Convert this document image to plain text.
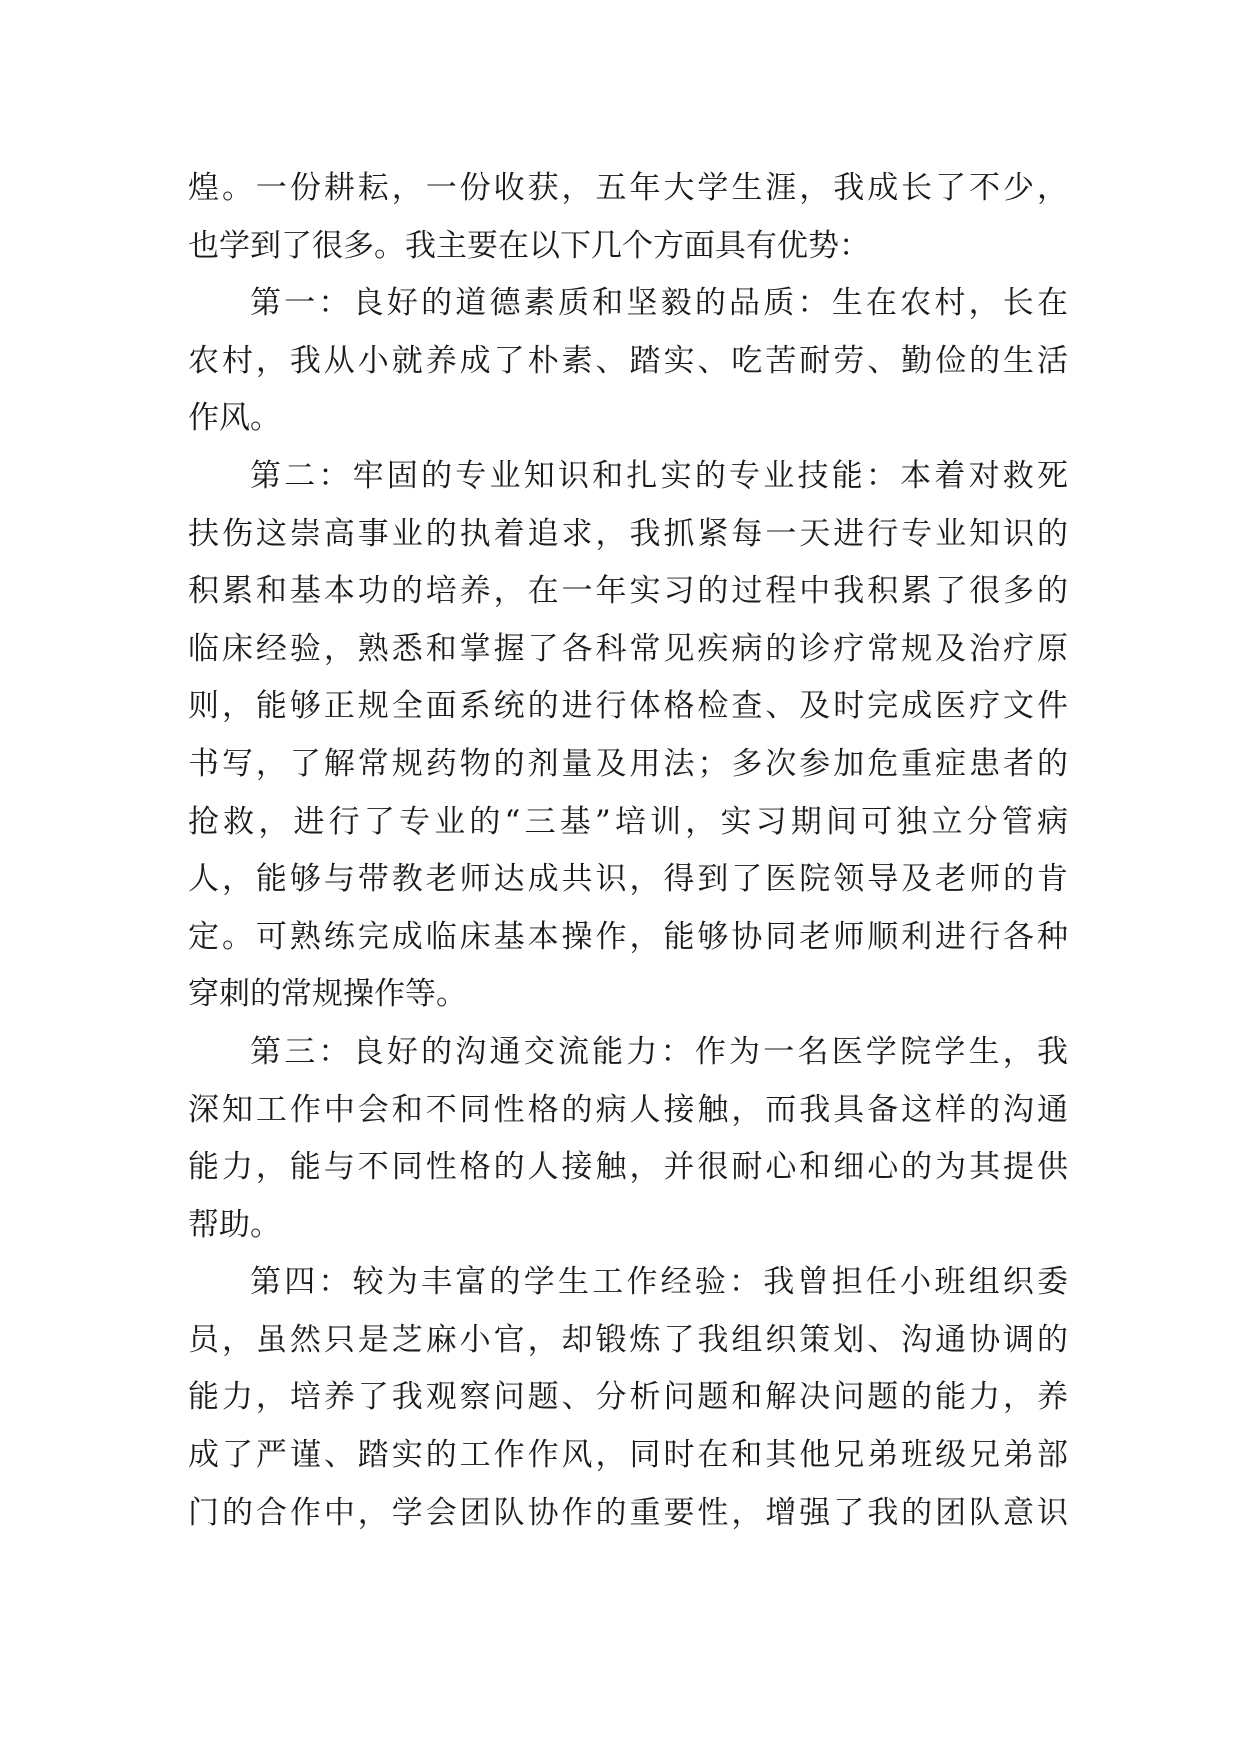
煌。一份耕耘，一份收获，五年大学生涯，我成长了不少，
也学到了很多。我主要在以下几个方面具有优势：
第一：良好的道德素质和坚毅的品质：生在农村，长在
农村，我从小就养成了朴素、踏实、吃苦耐劳、勤俭的生活
作风。
第二：牢固的专业知识和扎实的专业技能：本着对救死
扶伤这崇高事业的执着追求，我抓紧每一天进行专业知识的
积累和基本功的培养，在一年实习的过程中我积累了很多的
临床经验，熟悉和掌握了各科常见疾病的诊疗常规及治疗原
则，能够正规全面系统的进行体格检查、及时完成医疗文件
书写，了解常规药物的剂量及用法；多次参加危重症患者的
抢救，进行了专业的“三基”培训，实习期间可独立分管病
人，能够与带教老师达成共识，得到了医院领导及老师的肯
定。可熟练完成临床基本操作，能够协同老师顺利进行各种
穿刺的常规操作等。
第三：良好的沟通交流能力：作为一名医学院学生，我
深知工作中会和不同性格的病人接触，而我具备这样的沟通
能力，能与不同性格的人接触，并很耐心和细心的为其提供
帮助。
第四：较为丰富的学生工作经验：我曾担任小班组织委
员，虽然只是芝麻小官，却锻炼了我组织策划、沟通协调的
能力，培养了我观察问题、分析问题和解决问题的能力，养
成了严谨、踏实的工作作风，同时在和其他兄弟班级兄弟部
门的合作中，学会团队协作的重要性，增强了我的团队意识
